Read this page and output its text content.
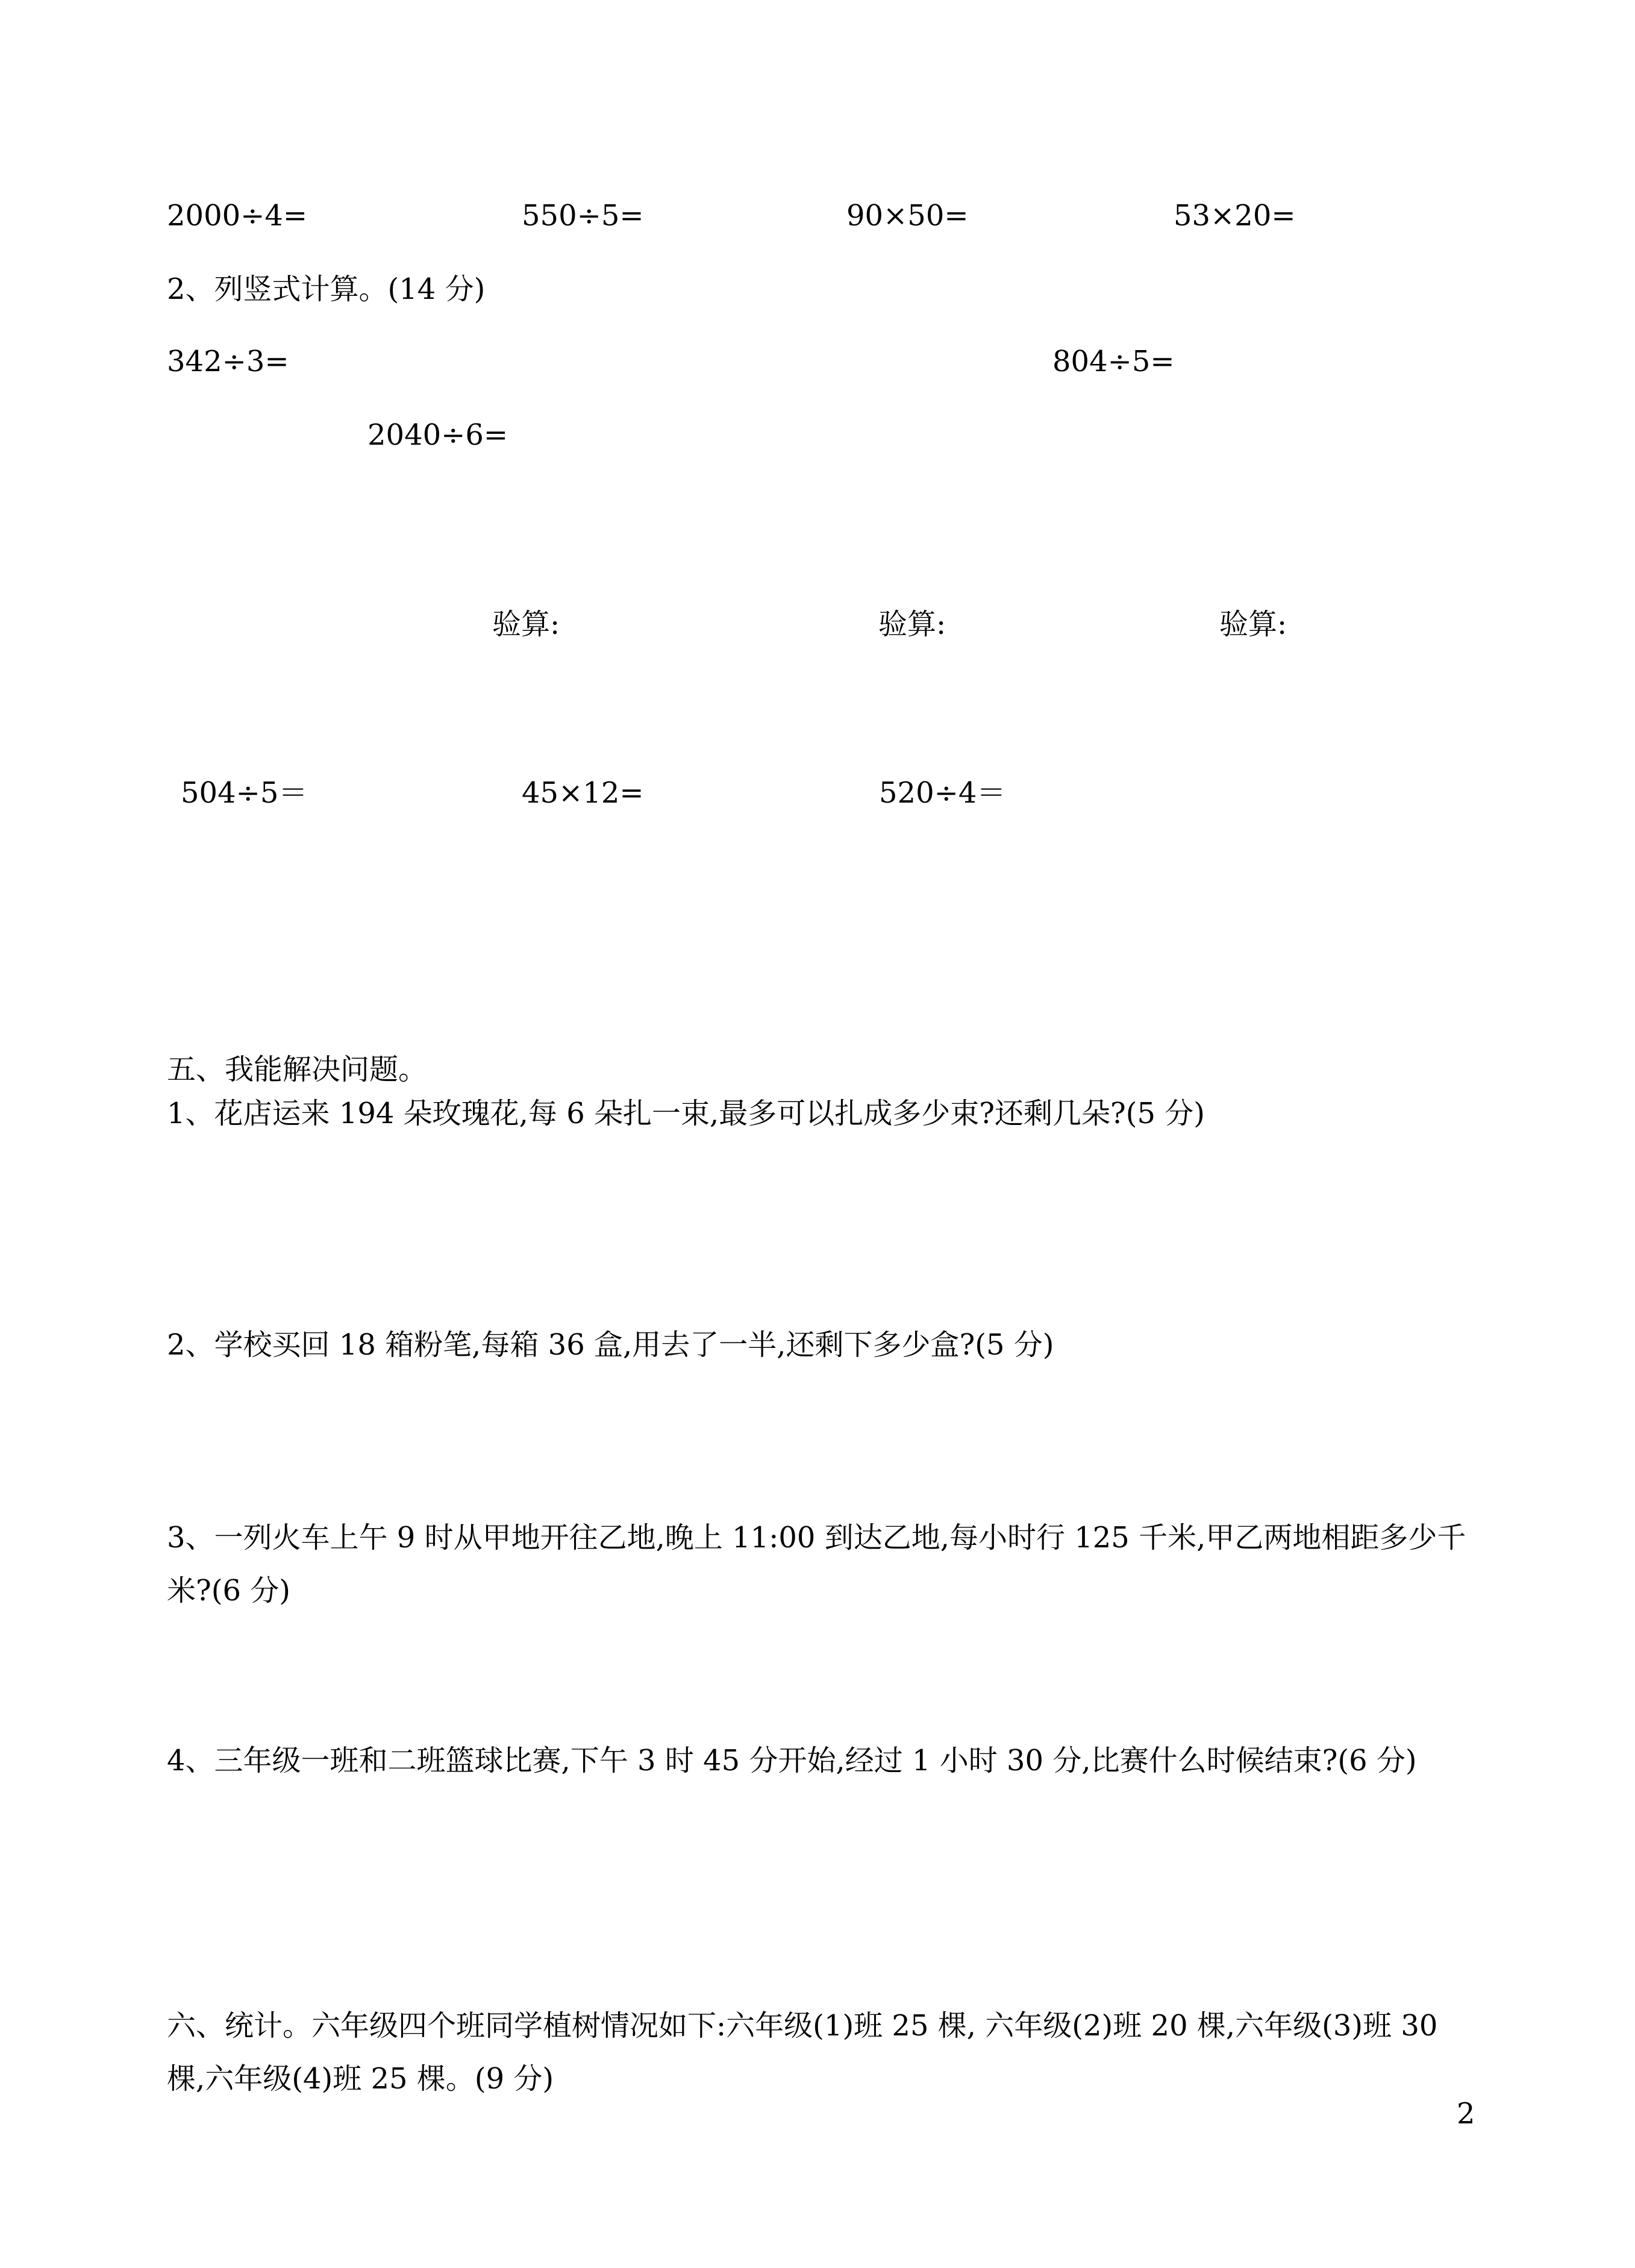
2000÷4=	550÷5=	90×50=	53×20=
2、列竖式计算。(14 分)
342÷3=	804÷5=
2040÷6=
验算:	验算:	验算:
504÷5＝	45×12=	520÷4＝
五、我能解决问题。
1、花店运来 194 朵玫瑰花,每 6 朵扎一束,最多可以扎成多少束?还剩几朵?(5 分)
2、学校买回 18 箱粉笔,每箱 36 盒,用去了一半,还剩下多少盒?(5 分)
3、一列火车上午 9 时从甲地开往乙地,晚上 11:00 到达乙地,每小时行 125 千米,甲乙两地相距多少千米?(6 分)
4、三年级一班和二班篮球比赛,下午 3 时 45 分开始,经过 1 小时 30 分,比赛什么时候结束?(6 分)
六、统计。六年级四个班同学植树情况如下:六年级(1)班 25 棵, 六年级(2)班 20 棵,六年级(3)班 30 棵,六年级(4)班 25 棵。(9 分)
2
